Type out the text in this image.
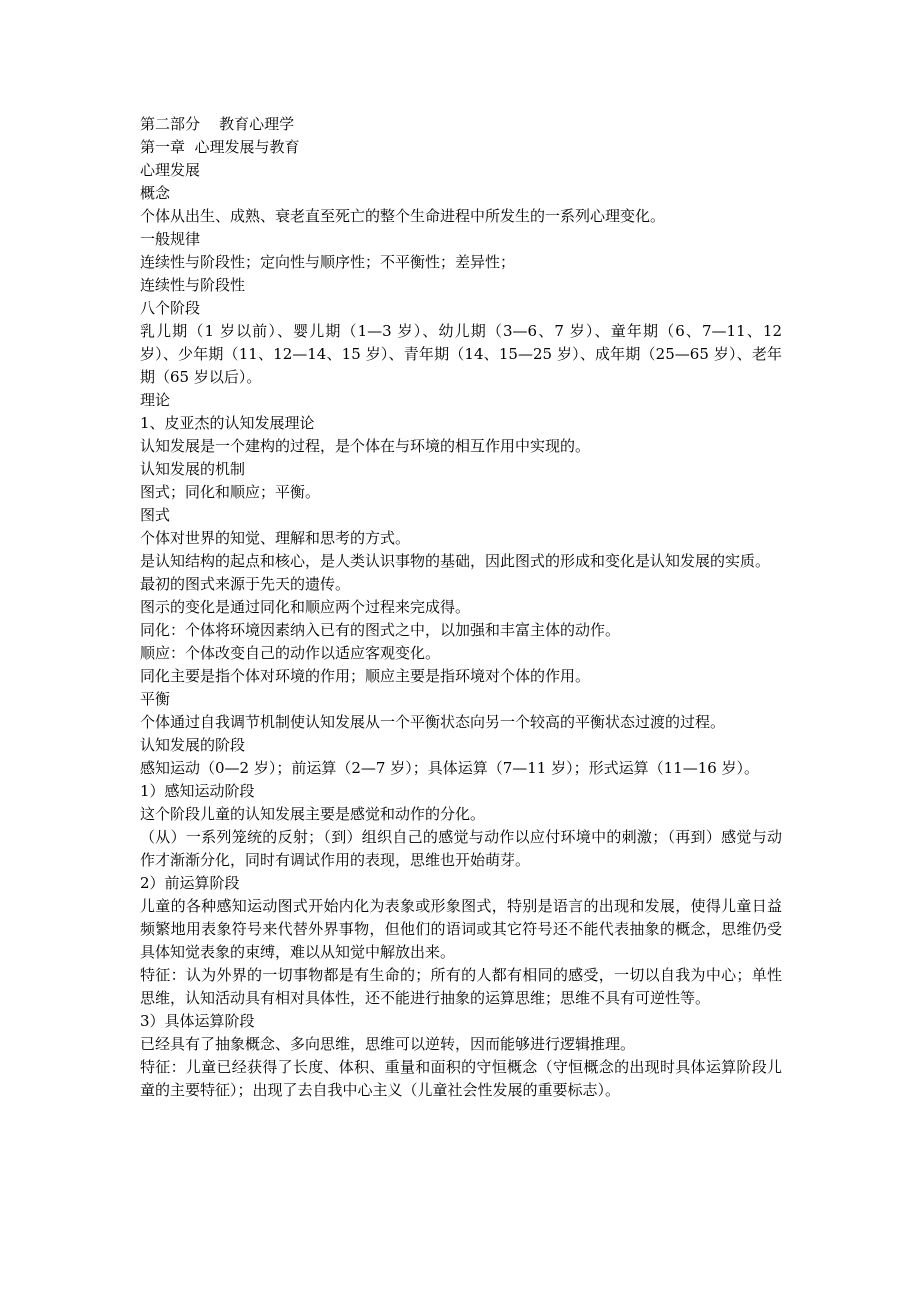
第二部分    教育心理学

第一章  心理发展与教育

心理发展

概念

个体从出生、成熟、衰老直至死亡的整个生命进程中所发生的一系列心理变化。

一般规律

连续性与阶段性；定向性与顺序性；不平衡性；差异性；

连续性与阶段性

八个阶段

乳儿期（1 岁以前）、婴儿期（1—3 岁）、幼儿期（3—6、7 岁）、童年期（6、7—11、12 岁）、少年期（11、12—14、15 岁）、青年期（14、15—25 岁）、成年期（25—65 岁）、老年期（65 岁以后）。

理论

1、皮亚杰的认知发展理论

认知发展是一个建构的过程，是个体在与环境的相互作用中实现的。

认知发展的机制

图式；同化和顺应；平衡。

图式

个体对世界的知觉、理解和思考的方式。

是认知结构的起点和核心，是人类认识事物的基础，因此图式的形成和变化是认知发展的实质。

最初的图式来源于先天的遗传。

图示的变化是通过同化和顺应两个过程来完成得。

同化：个体将环境因素纳入已有的图式之中，以加强和丰富主体的动作。

顺应：个体改变自己的动作以适应客观变化。

同化主要是指个体对环境的作用；顺应主要是指环境对个体的作用。

平衡

个体通过自我调节机制使认知发展从一个平衡状态向另一个较高的平衡状态过渡的过程。

认知发展的阶段

感知运动（0—2 岁）；前运算（2—7 岁）；具体运算（7—11 岁）；形式运算（11—16 岁）。

1）感知运动阶段

这个阶段儿童的认知发展主要是感觉和动作的分化。

（从）一系列笼统的反射；（到）组织自己的感觉与动作以应付环境中的刺激；（再到）感觉与动作才渐渐分化，同时有调试作用的表现，思维也开始萌芽。

2）前运算阶段

儿童的各种感知运动图式开始内化为表象或形象图式，特别是语言的出现和发展，使得儿童日益频繁地用表象符号来代替外界事物，但他们的语词或其它符号还不能代表抽象的概念，思维仍受具体知觉表象的束缚，难以从知觉中解放出来。

特征：认为外界的一切事物都是有生命的；所有的人都有相同的感受，一切以自我为中心；单性思维，认知活动具有相对具体性，还不能进行抽象的运算思维；思维不具有可逆性等。

3）具体运算阶段

已经具有了抽象概念、多向思维，思维可以逆转，因而能够进行逻辑推理。

特征：儿童已经获得了长度、体积、重量和面积的守恒概念（守恒概念的出现时具体运算阶段儿童的主要特征）；出现了去自我中心主义（儿童社会性发展的重要标志）。
